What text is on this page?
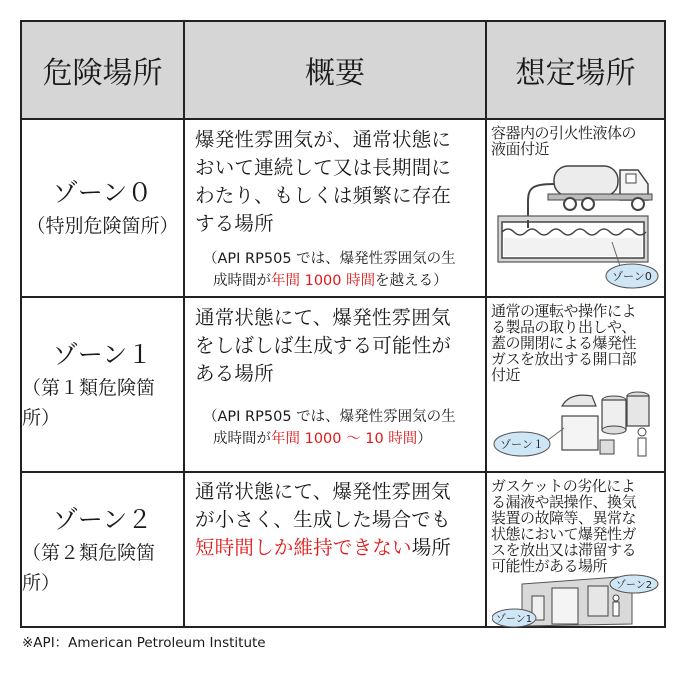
危険場所	概要	想定場所
ゾーン０
（特別危険箇所）
爆発性雰囲気が、通常状態に
おいて連続して又は長期間に
わたり、もしくは頻繁に存在
する場所
（API RP505 では、爆発性雰囲気の生
成時間が年間 1000 時間を越える）
容器内の引火性液体の
液面付近
ゾーン0
ゾーン１
（第１類危険箇所）
通常状態にて、爆発性雰囲気
をしばしば生成する可能性が
ある場所
（API RP505 では、爆発性雰囲気の生
成時間が年間 1000 〜 10 時間）
通常の運転や操作によ
る製品の取り出しや、
蓋の開閉による爆発性
ガスを放出する開口部
付近
ゾーン１
ゾーン２
（第２類危険箇所）
通常状態にて、爆発性雰囲気
が小さく、生成した場合でも
短時間しか維持できない場所
ガスケットの劣化によ
る漏液や誤操作、換気
装置の故障等、異常な
状態において爆発性ガ
スを放出又は滞留する
可能性がある場所
ゾーン2
ゾーン1
※API：American Petroleum Institute
